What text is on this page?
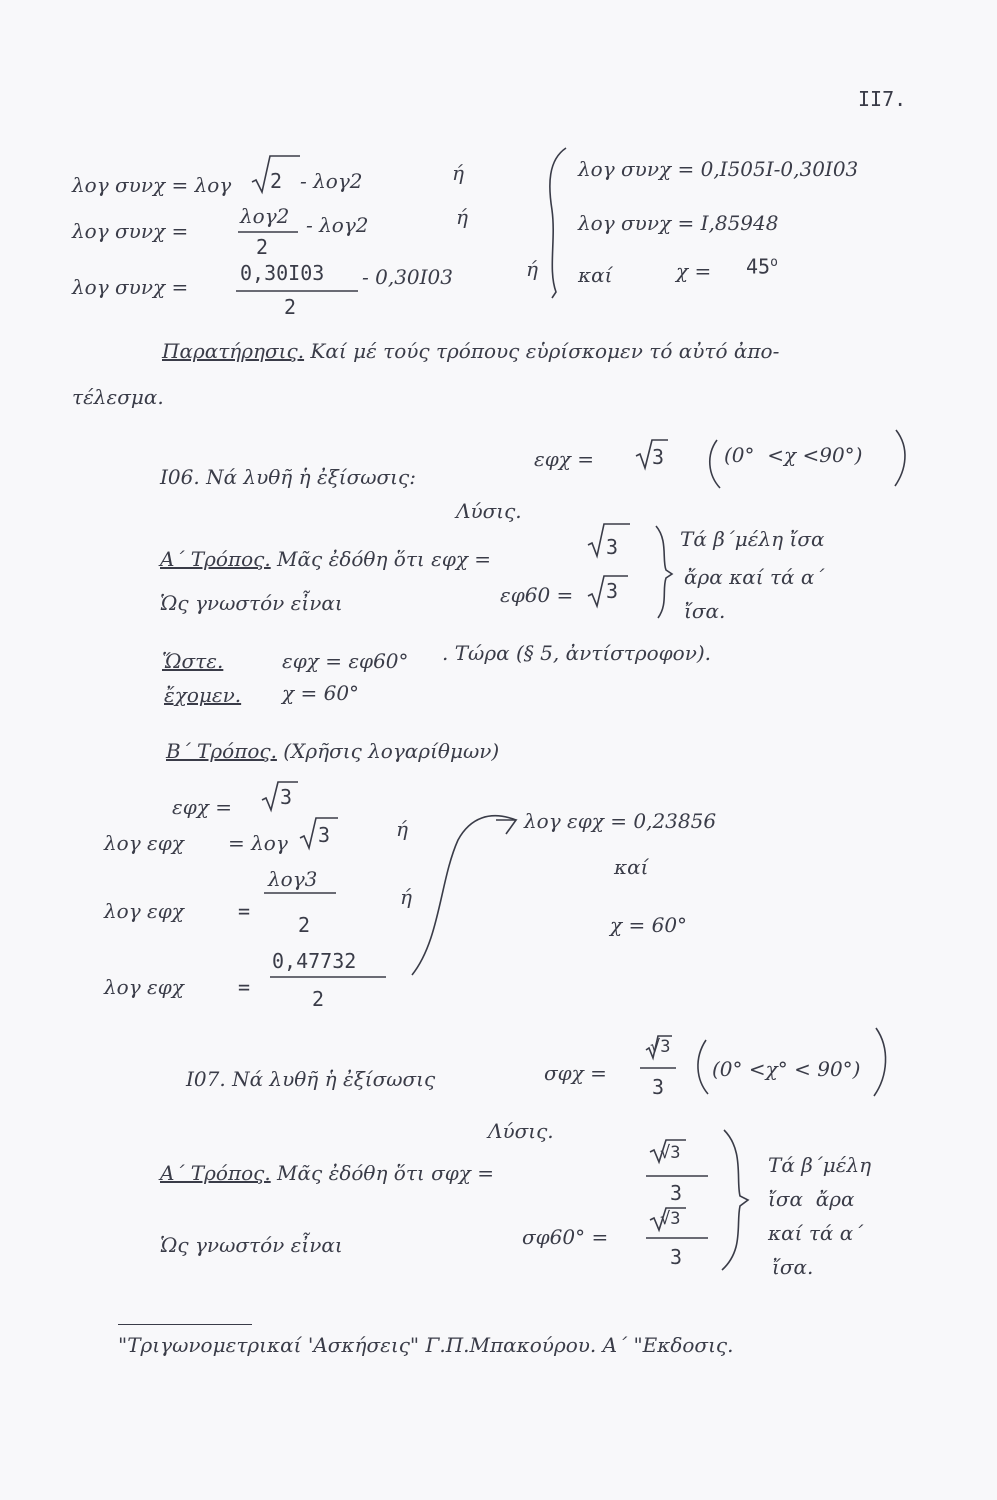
II7.
λογ συνχ = λογ 2 - λογ2	ή
λογ συνχ =
λογ2
2
- λογ2	ή
λογ συνχ =
0,30I03
2
- 0,30I03	ή
λογ συνχ = 0,I505I-0,30I03
λογ συνχ = I,85948
καί	$\chi = 45^o$
Παρατήρησις. Καί μέ τούς τρόπους εὑρίσκομεν τό αὐτό ἀπο-
τέλεσμα.
I06. Νά λυθῆ ἡ ἐξίσωσις:
εφχ =	3	(0°  <χ <90°)
Λύσις.
Α΄ Τρόπος. Μᾶς ἐδόθη ὅτι εφχ =	3
Ὡς γνωστόν εἶναι	εφ60 = 3
Τά β΄μέλη ἴσα
ἄρα καί τά α΄
ἴσα.
Ὥστε.	εφχ = εφ60° . Τώρα (§ 5, ἀντίστροφον).
ἔχομεν. χ = 60°
Β΄ Τρόπος. (Χρῆσις λογαρίθμων)
εφχ = 3
λογ εφχ = λογ 3	ή
λογ εφχ	=
λογ3
2
ή
λογ εφχ	=
0,47732
2
λογ εφχ = 0,23856
καί
χ = 60°
I07. Νά λυθῆ ἡ ἐξίσωσις	σφχ =
√3
3
(0° <χ° < 90°)
Λύσις.
Α΄ Τρόπος. Μᾶς ἐδόθη ὅτι σφχ =
√3
3
Ὡς γνωστόν εἶναι	σφ60° =
√3
3
Τά β΄μέλη
ἴσα  ἄρα
καί τά α΄
ἴσα.
"Τριγωνομετρικαί 'Ασκήσεις" Γ.Π.Μπακούρου. Α΄ "Εκδοσις.
